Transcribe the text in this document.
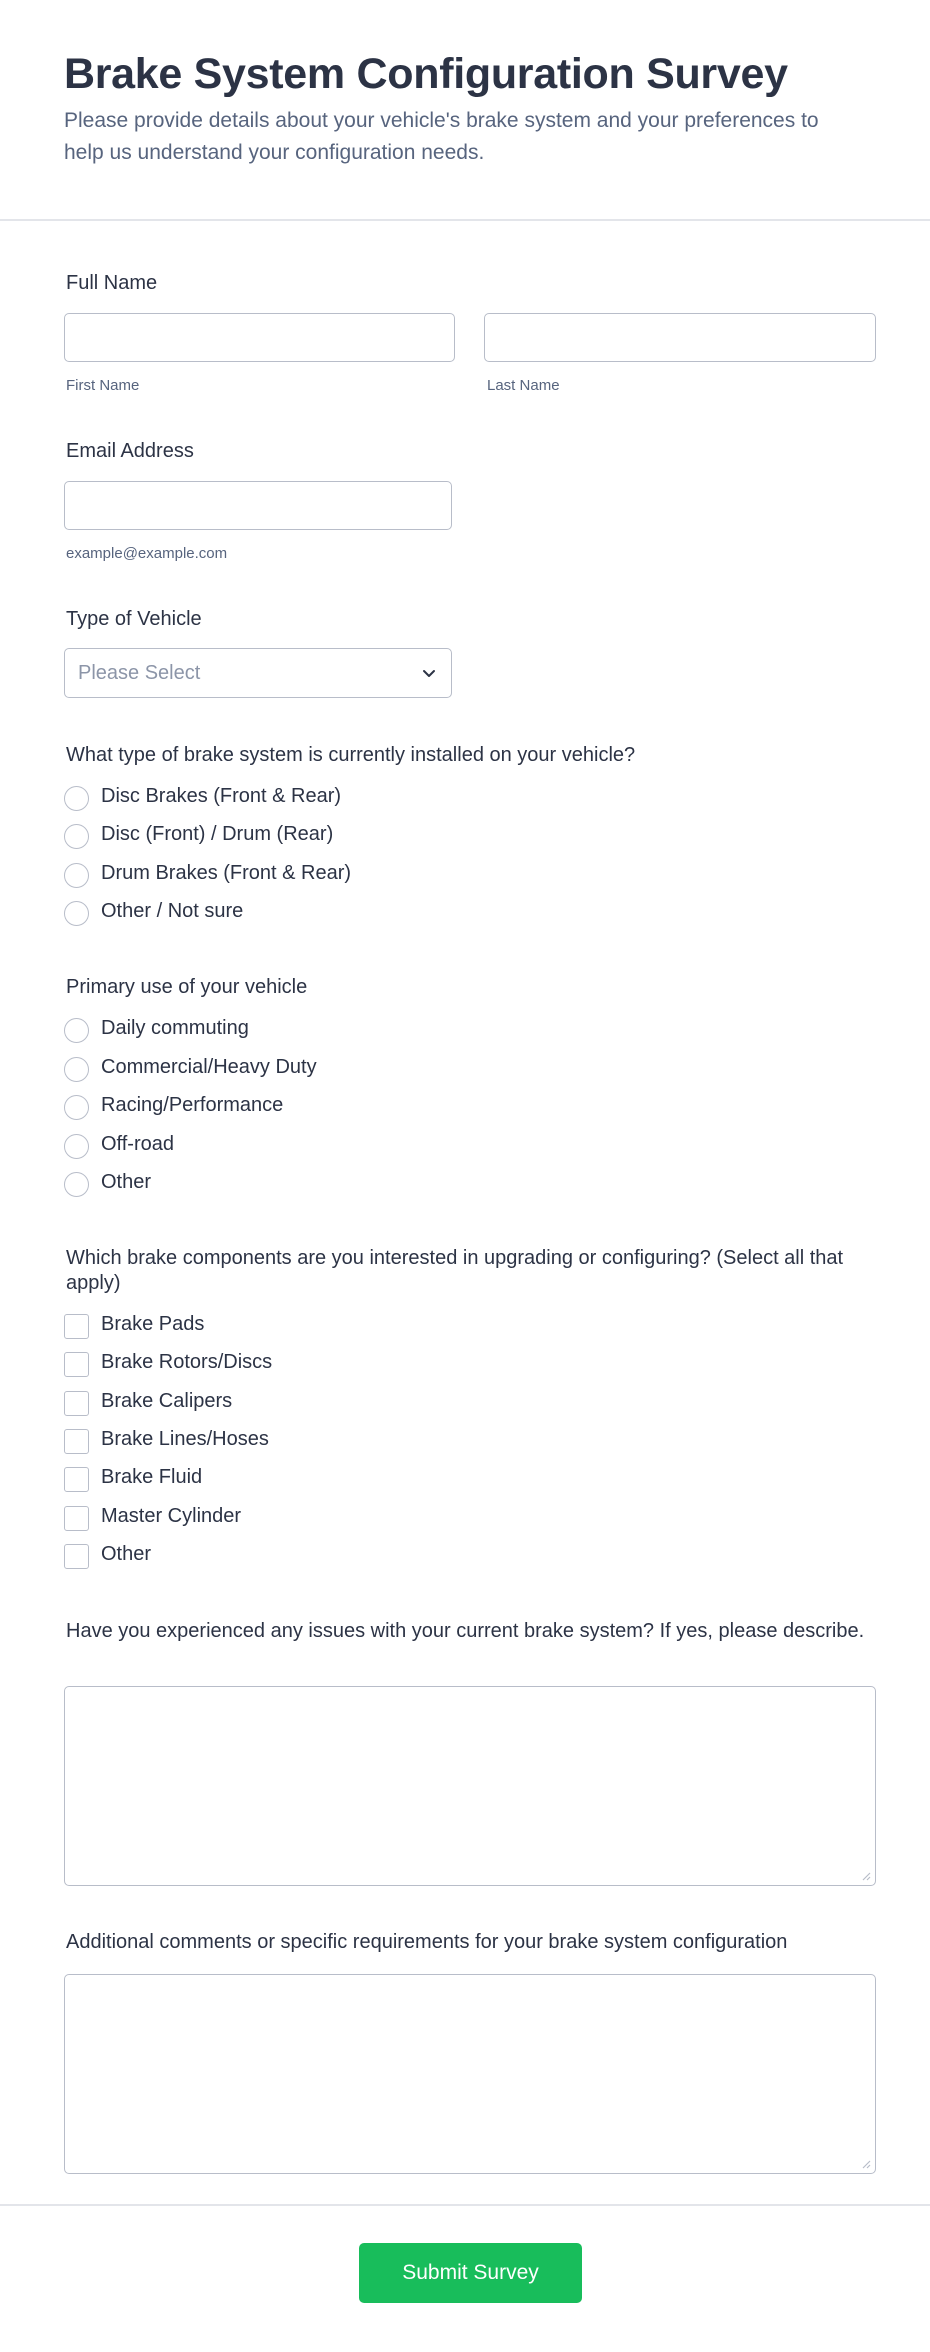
Brake System Configuration Survey
Please provide details about your vehicle's brake system and your preferences to help us understand your configuration needs.
Full Name
First Name	Last Name
Email Address
example@example.com
Type of Vehicle
Please Select
What type of brake system is currently installed on your vehicle?
Disc Brakes (Front & Rear)
Disc (Front) / Drum (Rear)
Drum Brakes (Front & Rear)
Other / Not sure
Primary use of your vehicle
Daily commuting
Commercial/Heavy Duty
Racing/Performance
Off-road
Other
Which brake components are you interested in upgrading or configuring? (Select all that apply)
Brake Pads
Brake Rotors/Discs
Brake Calipers
Brake Lines/Hoses
Brake Fluid
Master Cylinder
Other
Have you experienced any issues with your current brake system? If yes, please describe.
Additional comments or specific requirements for your brake system configuration
Submit Survey
